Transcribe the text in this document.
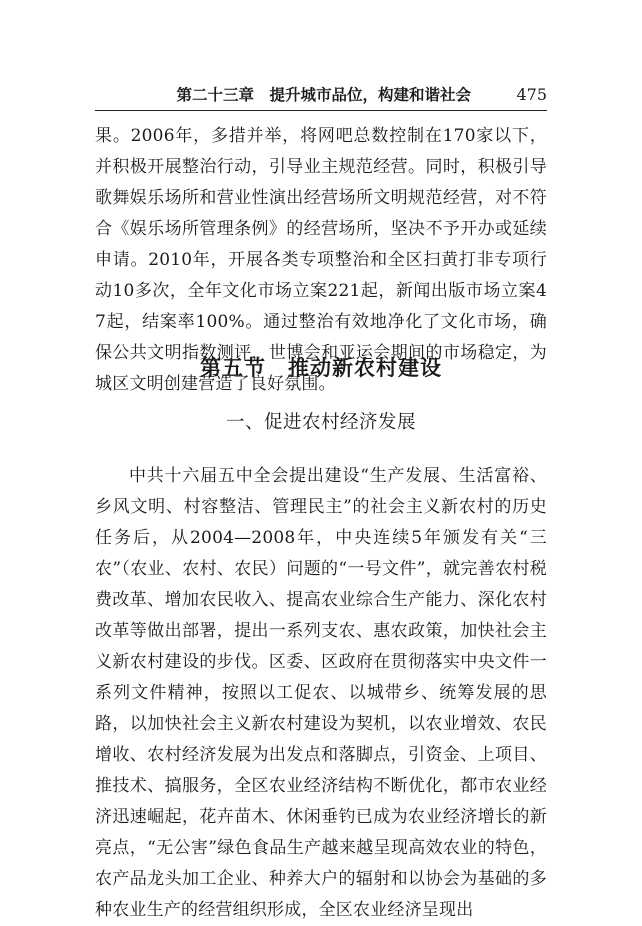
第二十三章　提升城市品位，构建和谐社会	475

果。2006年，多措并举，将网吧总数控制在170家以下，并积极开展整治行动，引导业主规范经营。同时，积极引导歌舞娱乐场所和营业性演出经营场所文明规范经营，对不符合《娱乐场所管理条例》的经营场所，坚决不予开办或延续申请。2010年，开展各类专项整治和全区扫黄打非专项行动10多次，全年文化市场立案221起，新闻出版市场立案47起，结案率100%。通过整治有效地净化了文化市场，确保公共文明指数测评，世博会和亚运会期间的市场稳定，为城区文明创建营造了良好氛围。

第五节　推动新农村建设
一、促进农村经济发展

中共十六届五中全会提出建设“生产发展、生活富裕、乡风文明、村容整洁、管理民主”的社会主义新农村的历史任务后，从2004—2008年，中央连续5年颁发有关“三农”（农业、农村、农民）问题的“一号文件”，就完善农村税费改革、增加农民收入、提高农业综合生产能力、深化农村改革等做出部署，提出一系列支农、惠农政策，加快社会主义新农村建设的步伐。区委、区政府在贯彻落实中央文件一系列文件精神，按照以工促农、以城带乡、统筹发展的思路，以加快社会主义新农村建设为契机，以农业增效、农民增收、农村经济发展为出发点和落脚点，引资金、上项目、推技术、搞服务，全区农业经济结构不断优化，都市农业经济迅速崛起，花卉苗木、休闲垂钓已成为农业经济增长的新亮点，“无公害”绿色食品生产越来越呈现高效农业的特色，农产品龙头加工企业、种养大户的辐射和以协会为基础的多种农业生产的经营组织形成，全区农业经济呈现出
